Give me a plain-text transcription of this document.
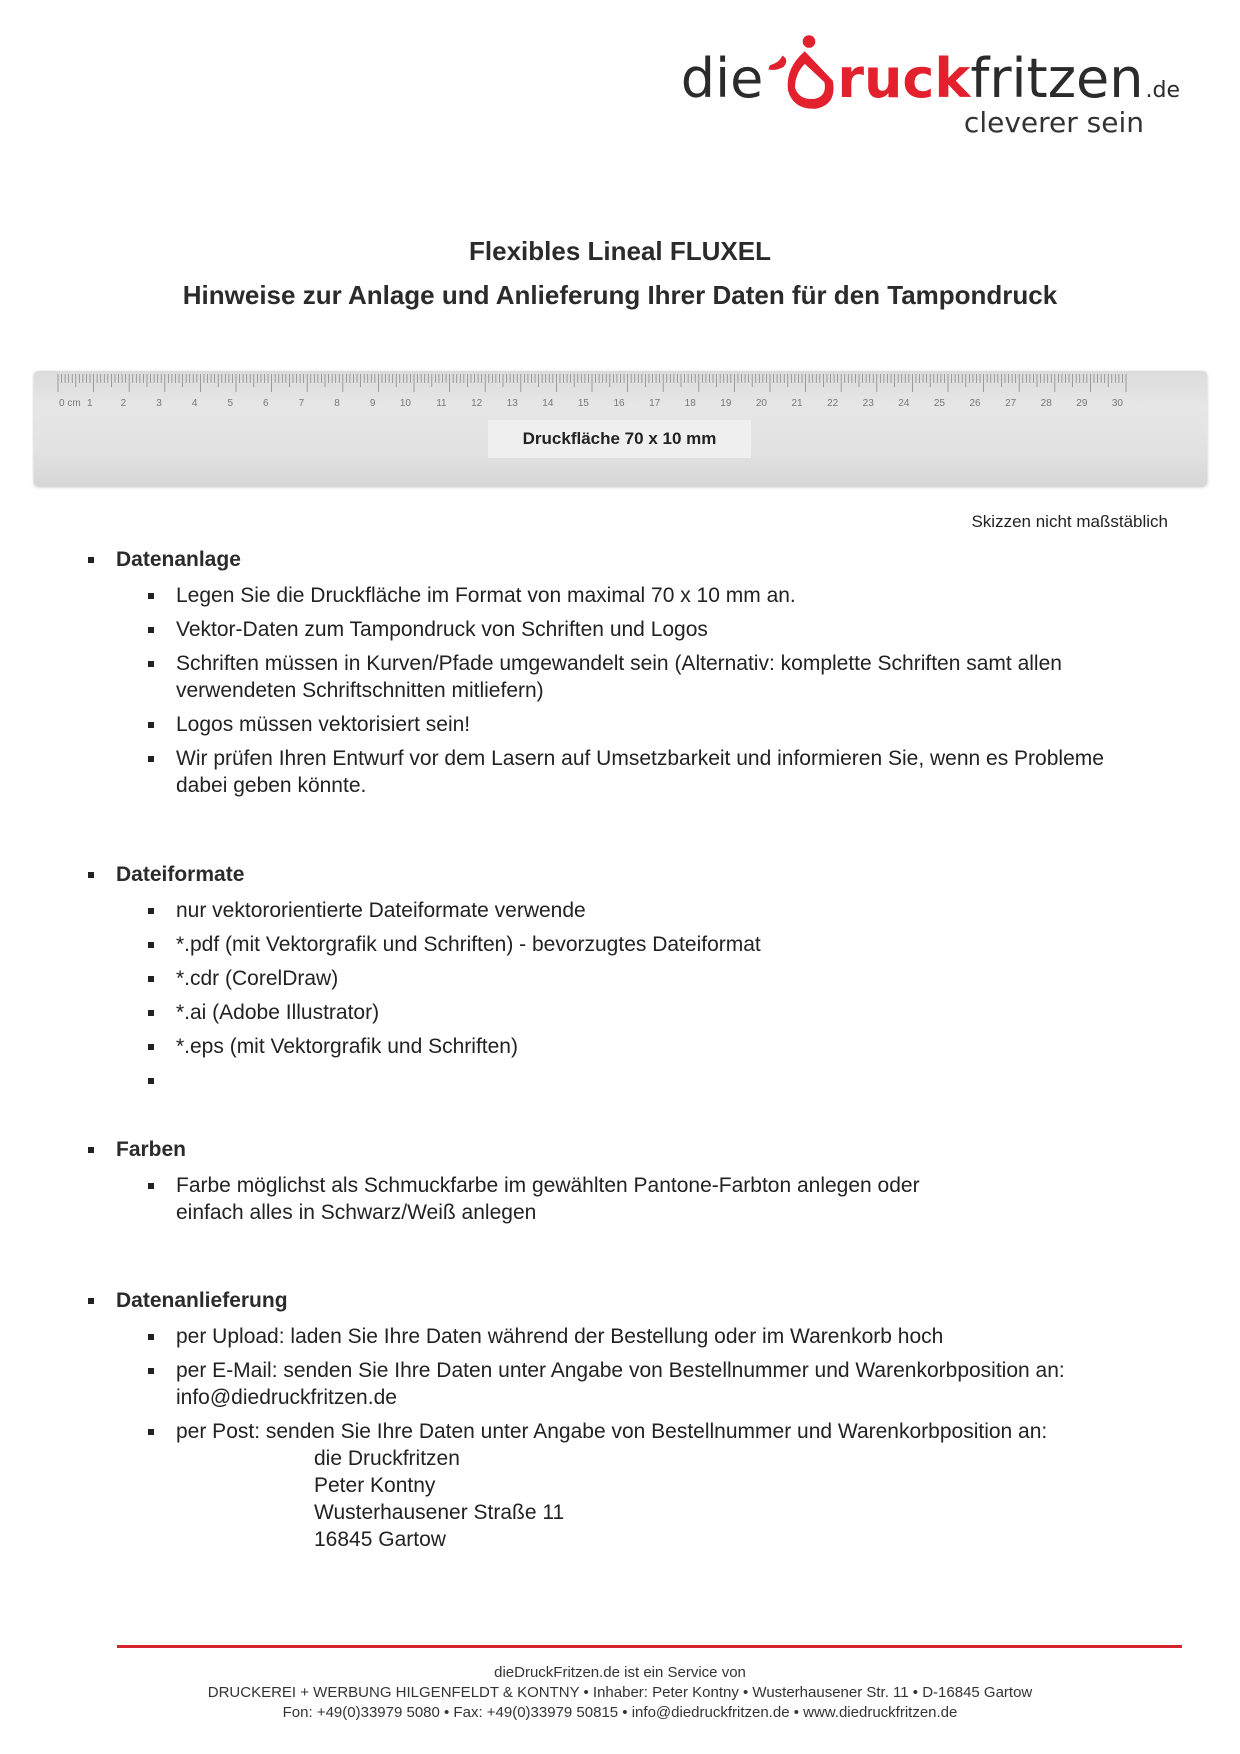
die ruck fritzen .de
cleverer sein
Flexibles Lineal FLUXEL
Hinweise zur Anlage und Anlieferung Ihrer Daten für den Tampondruck
0 cm 1	2	3	4	5	6	7	8	9 10	11 12 13 14 15 16 17 18 19 20 21 22 23 24 25 26 27 28 29 30
Druckfläche 70 x 10 mm
Skizzen nicht maßstäblich
Datenanlage
Legen Sie die Druckfläche im Format von maximal 70 x 10 mm an.
Vektor-Daten zum Tampondruck von Schriften und Logos
Schriften müssen in Kurven/Pfade umgewandelt sein (Alternativ: komplette Schriften samt allen verwendeten Schriftschnitten mitliefern)
Logos müssen vektorisiert sein!
Wir prüfen Ihren Entwurf vor dem Lasern auf Umsetzbarkeit und informieren Sie, wenn es Probleme dabei geben könnte.
Dateiformate
nur vektororientierte Dateiformate verwende
*.pdf (mit Vektorgrafik und Schriften) - bevorzugtes Dateiformat
*.cdr (CorelDraw)
*.ai (Adobe Illustrator)
*.eps (mit Vektorgrafik und Schriften)
Farben
Farbe möglichst als Schmuckfarbe im gewählten Pantone-Farbton anlegen oder einfach alles in Schwarz/Weiß anlegen
Datenanlieferung
per Upload: laden Sie Ihre Daten während der Bestellung oder im Warenkorb hoch
per E-Mail: senden Sie Ihre Daten unter Angabe von Bestellnummer und Warenkorbposition an: info@diedruckfritzen.de
per Post: senden Sie Ihre Daten unter Angabe von Bestellnummer und Warenkorbposition an:
die Druckfritzen
Peter Kontny
Wusterhausener Straße 11
16845 Gartow
dieDruckFritzen.de ist ein Service von
DRUCKEREI + WERBUNG HILGENFELDT & KONTNY • Inhaber: Peter Kontny • Wusterhausener Str. 11 • D-16845 Gartow
Fon: +49(0)33979 5080 • Fax: +49(0)33979 50815 • info@diedruckfritzen.de • www.diedruckfritzen.de
